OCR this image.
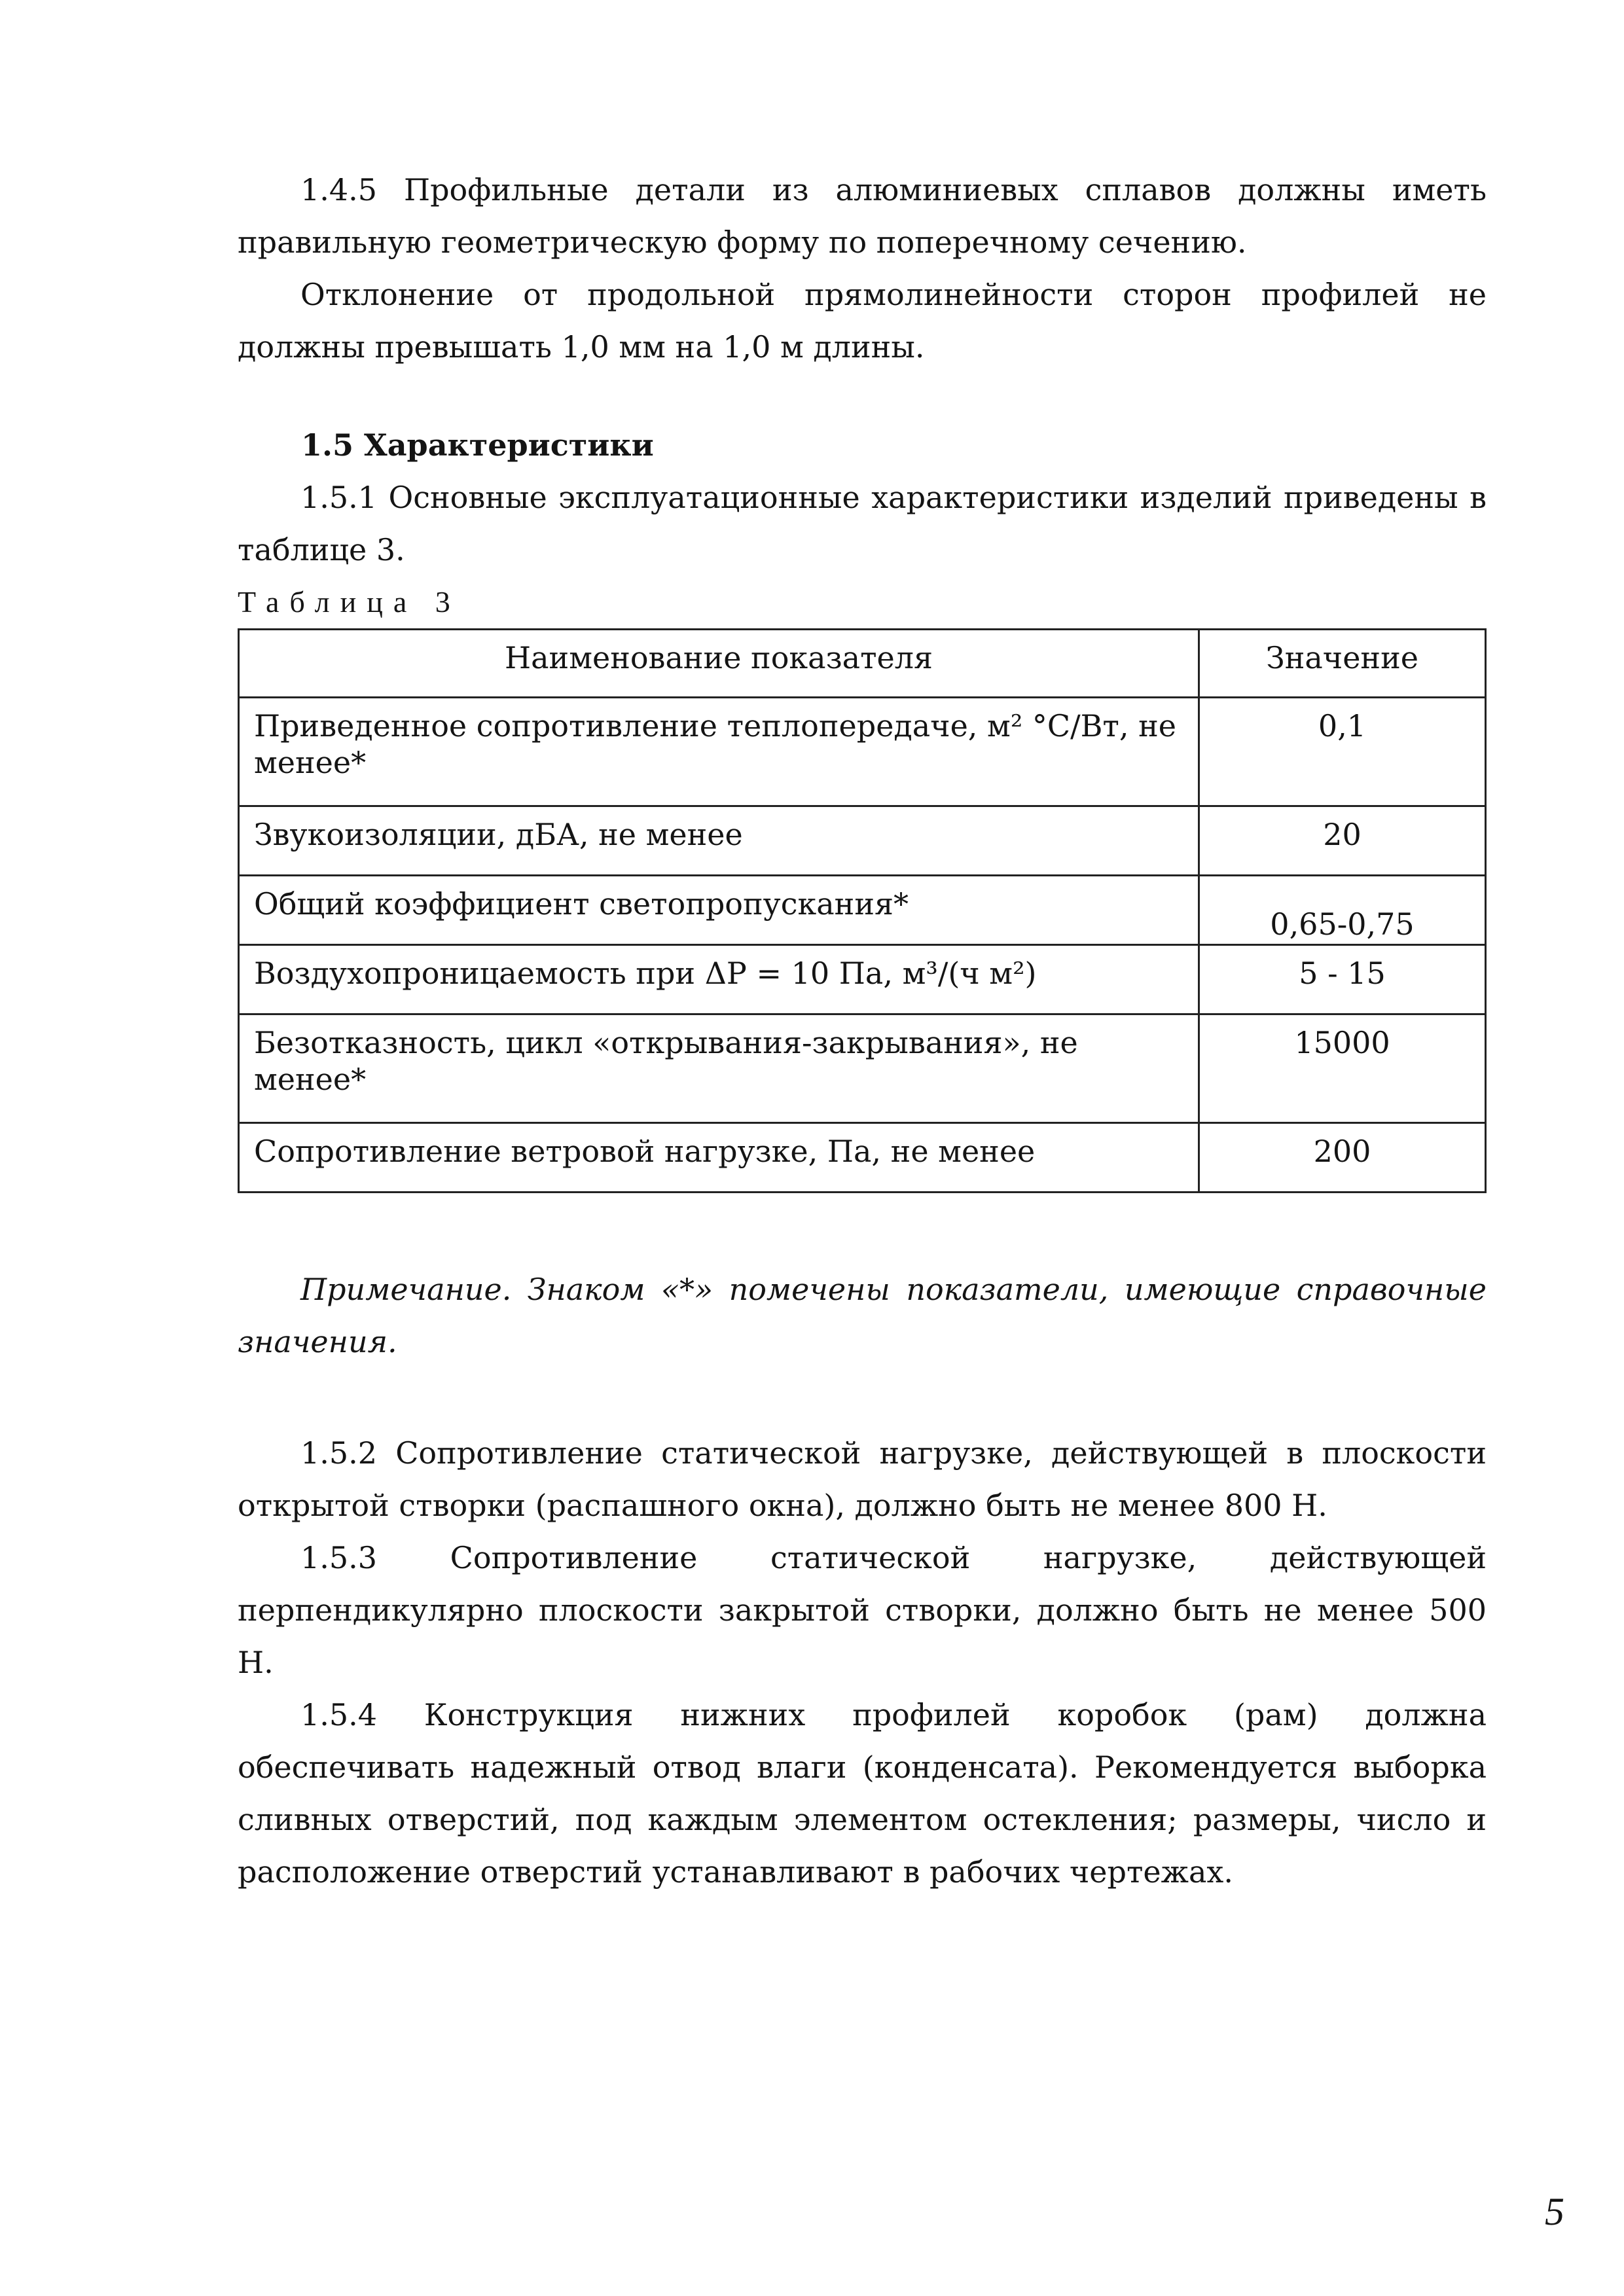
1.4.5 Профильные детали из алюминиевых сплавов должны иметь правильную геометрическую форму по поперечному сечению.

Отклонение от продольной прямолинейности сторон профилей не должны превышать 1,0 мм на 1,0 м длины.

1.5 Характеристики

1.5.1 Основные эксплуатационные характеристики изделий приведены в таблице 3.

Таблица 3

Наименование показателя	Значение
Приведенное сопротивление теплопередаче, м² °С/Вт, не менее*	0,1
Звукоизоляции, дБА, не менее	20
Общий коэффициент светопропускания*	0,65-0,75
Воздухопроницаемость при ΔР = 10 Па, м³/(ч м²)	5 - 15
Безотказность, цикл «открывания-закрывания», не менее*	15000
Сопротивление ветровой нагрузке, Па, не менее	200

Примечание. Знаком «*» помечены показатели, имеющие справочные значения.

1.5.2 Сопротивление статической нагрузке, действующей в плоскости открытой створки (распашного окна), должно быть не менее 800 Н.

1.5.3 Сопротивление статической нагрузке, действующей перпендикулярно плоскости закрытой створки, должно быть не менее 500 Н.

1.5.4 Конструкция нижних профилей коробок (рам) должна обеспечивать надежный отвод влаги (конденсата). Рекомендуется выборка сливных отверстий, под каждым элементом остекления; размеры, число и расположение отверстий устанавливают в рабочих чертежах.

5
